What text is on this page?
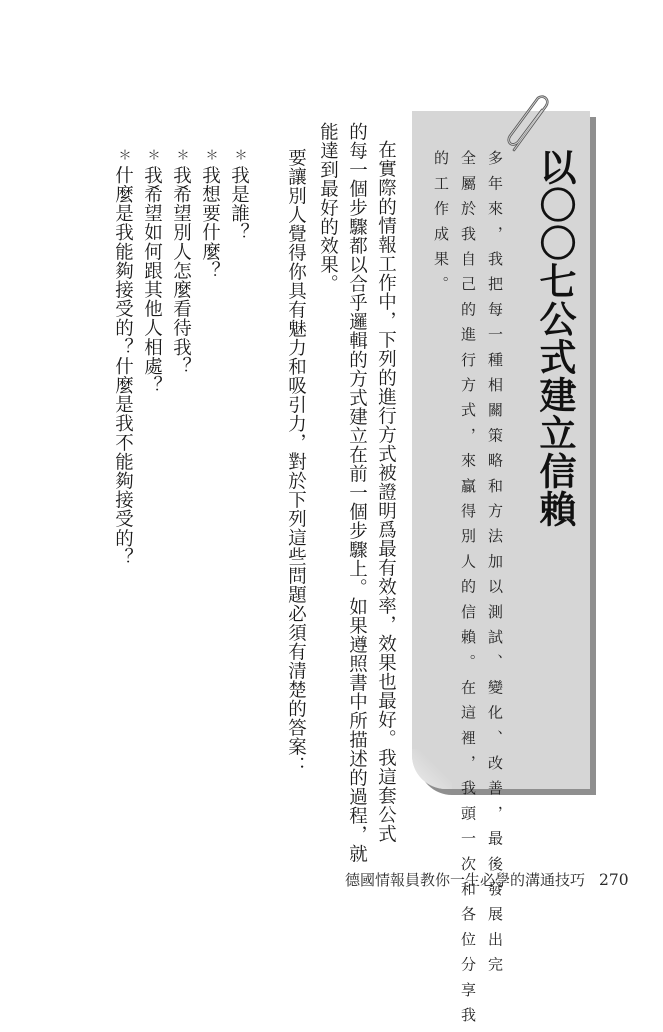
以〇〇七公式建立信賴

多年來，我把每一種相關策略和方法加以測試、變化、改善，最後發展出完

全屬於我自己的進行方式，來贏得別人的信賴。在這裡，我頭一次和各位分享我

的工作成果。

在實際的情報工作中，下列的進行方式被證明爲最有效率，效果也最好。我這套公式

的每一個步驟都以合乎邏輯的方式建立在前一個步驟上。如果遵照書中所描述的過程，就

能達到最好的效果。

要讓別人覺得你具有魅力和吸引力，對於下列這些問題必須有清楚的答案：

＊我是誰？
＊我想要什麼？
＊我希望別人怎麼看待我？
＊我希望如何跟其他人相處？
＊什麼是我能夠接受的？什麼是我不能夠接受的？
德國情報員教你一生必學的溝通技巧 270
